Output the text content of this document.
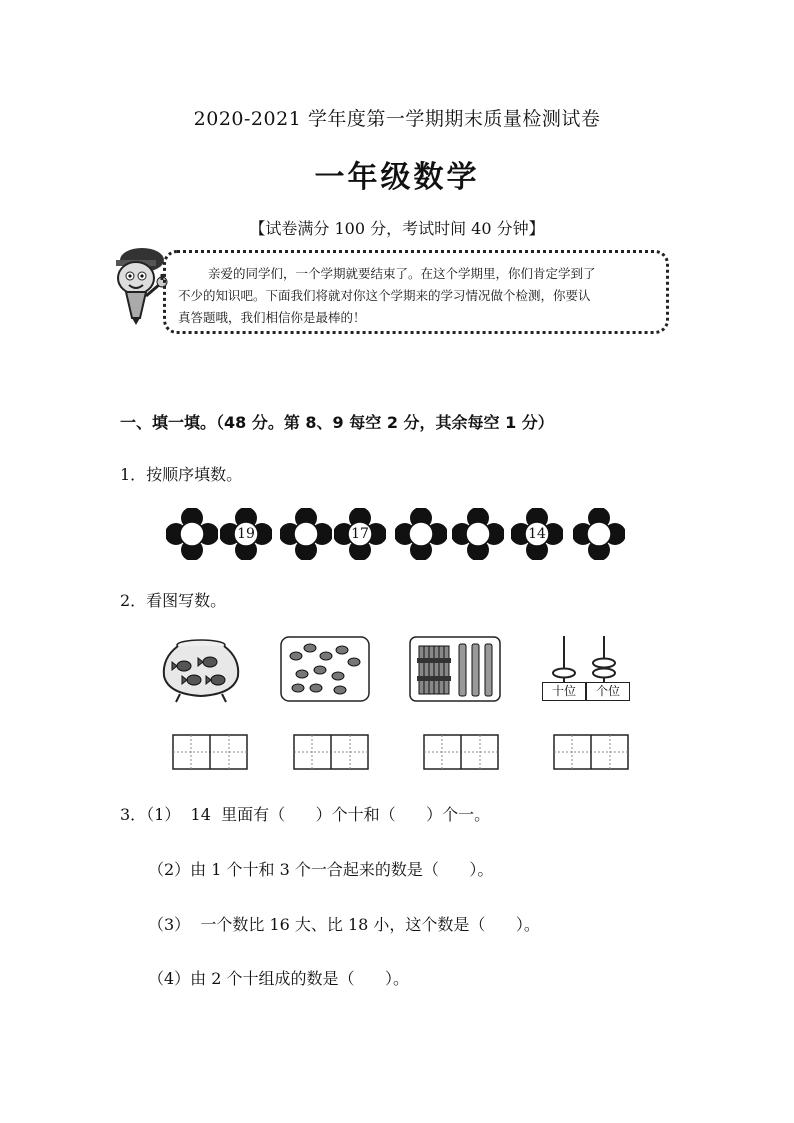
2020-2021 学年度第一学期期末质量检测试卷
一年级数学
【试卷满分 100 分，考试时间 40 分钟】
亲爱的同学们，一个学期就要结束了。在这个学期里，你们肯定学到了
不少的知识吧。下面我们将就对你这个学期来的学习情况做个检测，你要认
真答题哦，我们相信你是最棒的！
一、填一填。（48 分。第 8、9 每空 2 分，其余每空 1 分）
1．按顺序填数。
19	17	14
2．看图写数。
十位	个位
3．（1）  14  里面有（      ）个十和（      ）个一。
（2）由 1 个十和 3 个一合起来的数是（      ）。
（3）  一个数比 16 大、比 18 小，这个数是（      ）。
（4）由 2 个十组成的数是（      ）。
